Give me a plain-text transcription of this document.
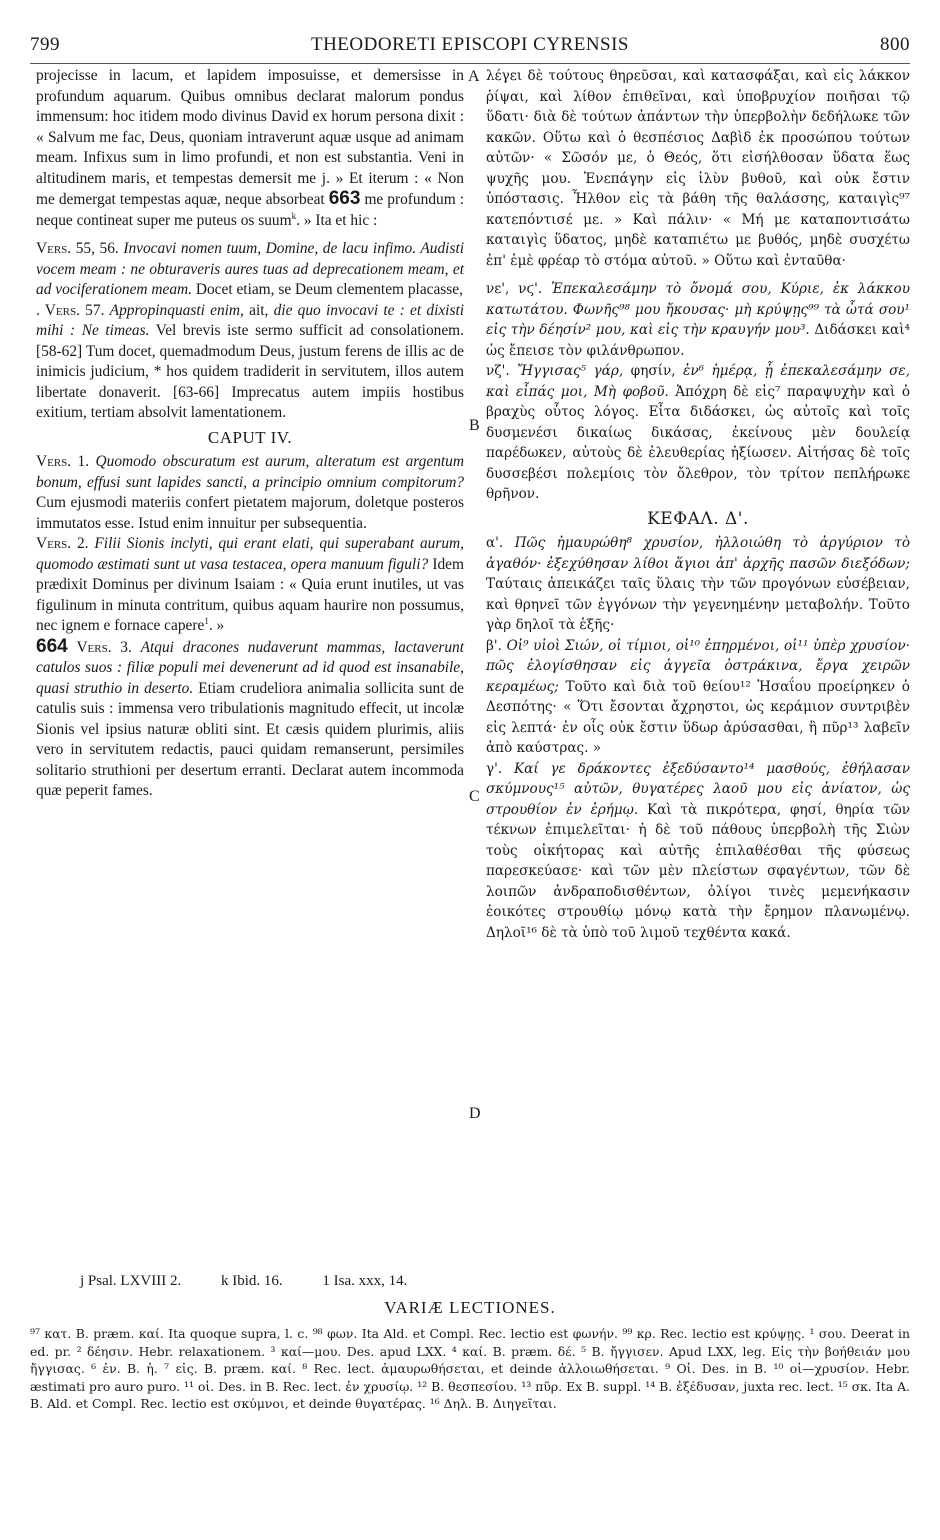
799	THEODORETI EPISCOPI CYRENSIS	800
A
B
C
D

projecisse in lacum, et lapidem imposuisse, et demersisse in profundum aquarum. Quibus omnibus declarat malorum pondus immensum: hoc itidem modo divinus David ex horum persona dixit : « Salvum me fac, Deus, quoniam intraverunt aquæ usque ad animam meam. Infixus sum in limo profundi, et non est substantia. Veni in altitudinem maris, et tempestas demersit me j. » Et iterum : « Non me demergat tempestas aquæ, neque absorbeat 663 me profundum : neque contineat super me puteus os suum$^k$. » Ita et hic :

Vers. 55, 56. Invocavi nomen tuum, Domine, de lacu infimo. Audisti vocem meam : ne obturaveris aures tuas ad deprecationem meam, et ad vociferationem meam. Docet etiam, se Deum clementem placasse,

. Vers. 57. Appropinquasti enim, ait, die quo invocavi te : et dixisti mihi : Ne timeas. Vel brevis iste sermo sufficit ad consolationem. [58-62] Tum docet, quemadmodum Deus, justum ferens de illis ac de inimicis judicium, * hos quidem tradiderit in servitutem, illos autem libertate donaverit. [63-66] Imprecatus autem impiis hostibus exitium, tertiam absolvit lamentationem.

CAPUT IV.

Vers. 1. Quomodo obscuratum est aurum, alteratum est argentum bonum, effusi sunt lapides sancti, a principio omnium compitorum? Cum ejusmodi materiis confert pietatem majorum, doletque posteros immutatos esse. Istud enim innuitur per subsequentia.

Vers. 2. Filii Sionis inclyti, qui erant elati, qui superabant aurum, quomodo æstimati sunt ut vasa testacea, opera manuum figuli? Idem prædixit Dominus per divinum Isaiam : « Quia erunt inutiles, ut vas figulinum in minuta contritum, quibus aquam haurire non possumus, nec ignem e fornace capere$^1$. »

664 Vers. 3. Atqui dracones nudaverunt mammas, lactaverunt catulos suos : filiæ populi mei devenerunt ad id quod est insanabile, quasi struthio in deserto. Etiam crudeliora animalia sollicita sunt de catulis suis : immensa vero tribulationis magnitudo effecit, ut incolæ Sionis vel ipsius naturæ obliti sint. Et cæsis quidem plurimis, aliis vero in servitutem redactis, pauci quidam remanserunt, persimiles solitario struthioni per desertum erranti. Declarat autem incommoda quæ peperit fames.

λέγει δὲ τούτους θηρεῦσαι, καὶ κατασφάξαι, καὶ εἰς λάκκον ῥίψαι, καὶ λίθον ἐπιθεῖναι, καὶ ὑποβρυχίον ποιῆσαι τῷ ὕδατι· διὰ δὲ τούτων ἁπάντων τὴν ὑπερβολὴν δεδήλωκε τῶν κακῶν. Οὕτω καὶ ὁ θεσπέσιος Δαβὶδ ἐκ προσώπου τούτων αὐτῶν· « Σῶσόν με, ὁ Θεός, ὅτι εἰσήλθοσαν ὕδατα ἕως ψυχῆς μου. Ἐνεπάγην εἰς ἰλὺν βυθοῦ, καὶ οὐκ ἔστιν ὑπόστασις. Ἦλθον εἰς τὰ βάθη τῆς θαλάσσης, καταιγὶς⁹⁷ κατεπόντισέ με. » Καὶ πάλιν· « Μή με καταποντισάτω καταιγὶς ὕδατος, μηδὲ καταπιέτω με βυθός, μηδὲ συσχέτω ἐπ' ἐμὲ φρέαρ τὸ στόμα αὐτοῦ. » Οὕτω καὶ ἐνταῦθα·

νε', νϛ'. Ἐπεκαλεσάμην τὸ ὄνομά σου, Κύριε, ἐκ λάκκου κατωτάτου. Φωνῆς⁹⁸ μου ἤκουσας· μὴ κρύψῃς⁹⁹ τὰ ὦτά σου¹ εἰς τὴν δέησίν² μου, καὶ εἰς τὴν κραυγήν μου³. Διδάσκει καὶ⁴ ὡς ἔπεισε τὸν φιλάνθρωπον.

νζ'. Ἤγγισας⁵ γάρ, φησίν, ἐν⁶ ἡμέρᾳ, ᾗ ἐπεκαλεσάμην σε, καὶ εἶπάς μοι, Μὴ φοβοῦ. Ἀπόχρη δὲ εἰς⁷ παραψυχὴν καὶ ὁ βραχὺς οὗτος λόγος. Εἶτα διδάσκει, ὡς αὐτοῖς καὶ τοῖς δυσμενέσι δικαίως δικάσας, ἐκείνους μὲν δουλείᾳ παρέδωκεν, αὐτοὺς δὲ ἐλευθερίας ἠξίωσεν. Αἰτήσας δὲ τοῖς δυσσεβέσι πολεμίοις τὸν ὄλεθρον, τὸν τρίτον πεπλήρωκε θρῆνον.

ΚΕΦΑΛ. Δ'.

α'. Πῶς ἠμαυρώθη⁸ χρυσίον, ἠλλοιώθη τὸ ἀργύριον τὸ ἀγαθόν· ἐξεχύθησαν λίθοι ἅγιοι ἀπ' ἀρχῆς πασῶν διεξόδων; Ταύταις ἀπεικάζει ταῖς ὕλαις τὴν τῶν προγόνων εὐσέβειαν, καὶ θρηνεῖ τῶν ἐγγόνων τὴν γεγενημένην μεταβολήν. Τοῦτο γὰρ δηλοῖ τὰ ἑξῆς·

β'. Οἱ⁹ υἱοὶ Σιών, οἱ τίμιοι, οἱ¹⁰ ἐπηρμένοι, οἱ¹¹ ὑπὲρ χρυσίον· πῶς ἐλογίσθησαν εἰς ἀγγεῖα ὀστράκινα, ἔργα χειρῶν κεραμέως; Τοῦτο καὶ διὰ τοῦ θείου¹² Ἡσαΐου προείρηκεν ὁ Δεσπότης· « Ὅτι ἔσονται ἄχρηστοι, ὡς κεράμιον συντριβὲν εἰς λεπτά· ἐν οἷς οὐκ ἔστιν ὕδωρ ἀρύσασθαι, ἢ πῦρ¹³ λαβεῖν ἀπὸ καύστρας. »

γ'. Καί γε δράκοντες ἐξεδύσαντο¹⁴ μασθούς, ἐθήλασαν σκύμνους¹⁵ αὐτῶν, θυγατέρες λαοῦ μου εἰς ἀνίατον, ὡς στρουθίον ἐν ἐρήμῳ. Καὶ τὰ πικρότερα, φησί, θηρία τῶν τέκνων ἐπιμελεῖται· ἡ δὲ τοῦ πάθους ὑπερβολὴ τῆς Σιὼν τοὺς οἰκήτορας καὶ αὐτῆς ἐπιλαθέσθαι τῆς φύσεως παρεσκεύασε· καὶ τῶν μὲν πλείστων σφαγέντων, τῶν δὲ λοιπῶν ἀνδραποδισθέντων, ὀλίγοι τινὲς μεμενήκασιν ἐοικότες στρουθίῳ μόνῳ κατὰ τὴν ἔρημον πλανωμένῳ. Δηλοῖ¹⁶ δὲ τὰ ὑπὸ τοῦ λιμοῦ τεχθέντα κακά.

j Psal. LXVIII 2.	k Ibid. 16.	1 Isa. xxx, 14.
VARIÆ LECTIONES.

⁹⁷ κατ. B. præm. καί. Ita quoque supra, l. c. ⁹⁸ φων. Ita Ald. et Compl. Rec. lectio est φωνήν. ⁹⁹ κρ. Rec. lectio est κρύψῃς. ¹ σου. Deerat in ed. pr. ² δέησιν. Hebr. relaxationem. ³ καί—μου. Des. apud LXX. ⁴ καί. B. præm. δέ. ⁵ B. ἤγγισεν. Apud LXX, leg. Εἰς τὴν βοήθειάν μου ἤγγισας. ⁶ ἐν. B. ἡ. ⁷ εἰς. B. præm. καί. ⁸ Rec. lect. ἀμαυρωθήσεται, et deinde ἀλλοιωθήσεται. ⁹ Οἱ. Des. in B. ¹⁰ οἱ—χρυσίον. Hebr. æstimati pro auro puro. ¹¹ οἱ. Des. in B. Rec. lect. ἐν χρυσίῳ. ¹² B. θεσπεσίου. ¹³ πῦρ. Ex B. suppl. ¹⁴ B. ἐξέδυσαν, juxta rec. lect. ¹⁵ σκ. Ita A. B. Ald. et Compl. Rec. lectio est σκύμνοι, et deinde θυγατέρας. ¹⁶ Δηλ. B. Διηγεῖται.
